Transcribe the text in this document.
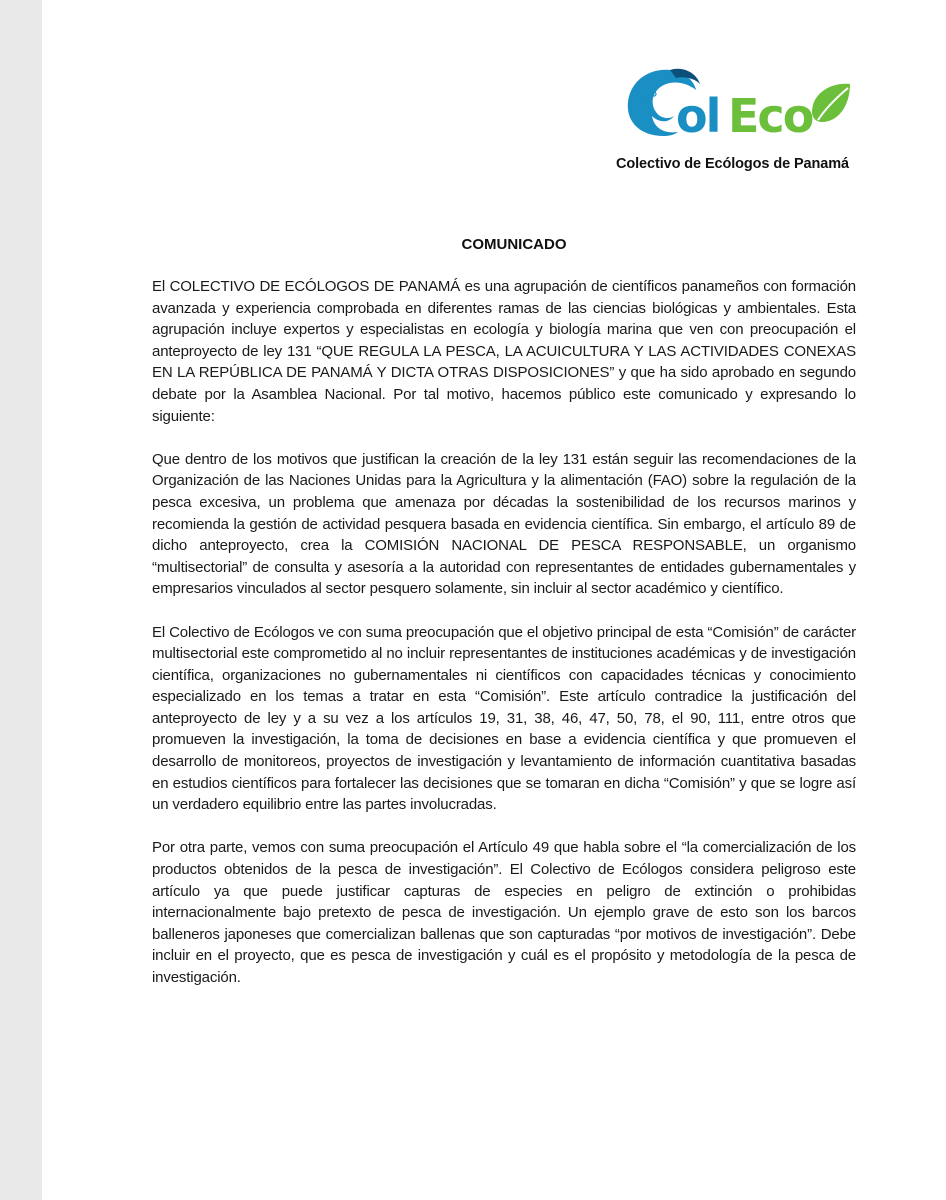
ol Eco
Colectivo de Ecólogos de Panamá
COMUNICADO

El COLECTIVO DE ECÓLOGOS DE PANAMÁ es una agrupación de científicos panameños con formación avanzada y experiencia comprobada en diferentes ramas de las ciencias biológicas y ambientales. Esta agrupación incluye expertos y especialistas en ecología y biología marina que ven con preocupación el anteproyecto de ley 131 “QUE REGULA LA PESCA, LA ACUICULTURA Y LAS ACTIVIDADES CONEXAS EN LA REPÚBLICA DE PANAMÁ Y DICTA OTRAS DISPOSICIONES” y que ha sido aprobado en segundo debate por la Asamblea Nacional. Por tal motivo, hacemos público este comunicado y expresando lo siguiente:

Que dentro de los motivos que justifican la creación de la ley 131 están seguir las recomendaciones de la Organización de las Naciones Unidas para la Agricultura y la alimentación (FAO) sobre la regulación de la pesca excesiva, un problema que amenaza por décadas la sostenibilidad de los recursos marinos y recomienda la gestión de actividad pesquera basada en evidencia científica. Sin embargo, el artículo 89 de dicho anteproyecto, crea la COMISIÓN NACIONAL DE PESCA RESPONSABLE, un organismo “multisectorial” de consulta y asesoría a la autoridad con representantes de entidades gubernamentales y empresarios vinculados al sector pesquero solamente, sin incluir al sector académico y científico.

El Colectivo de Ecólogos ve con suma preocupación que el objetivo principal de esta “Comisión” de carácter multisectorial este comprometido al no incluir representantes de instituciones académicas y de investigación científica, organizaciones no gubernamentales ni científicos con capacidades técnicas y conocimiento especializado en los temas a tratar en esta “Comisión”. Este artículo contradice la justificación del anteproyecto de ley y a su vez a los artículos 19, 31, 38, 46, 47, 50, 78, el 90, 111, entre otros que promueven la investigación, la toma de decisiones en base a evidencia científica y que promueven el desarrollo de monitoreos, proyectos de investigación y levantamiento de información cuantitativa basadas en estudios científicos para fortalecer las decisiones que se tomaran en dicha “Comisión” y que se logre así un verdadero equilibrio entre las partes involucradas.

Por otra parte, vemos con suma preocupación el Artículo 49 que habla sobre el “la comercialización de los productos obtenidos de la pesca de investigación”. El Colectivo de Ecólogos considera peligroso este artículo ya que puede justificar capturas de especies en peligro de extinción o prohibidas internacionalmente bajo pretexto de pesca de investigación. Un ejemplo grave de esto son los barcos balleneros japoneses que comercializan ballenas que son capturadas “por motivos de investigación”. Debe incluir en el proyecto, que es pesca de investigación y cuál es el propósito y metodología de la pesca de investigación.
